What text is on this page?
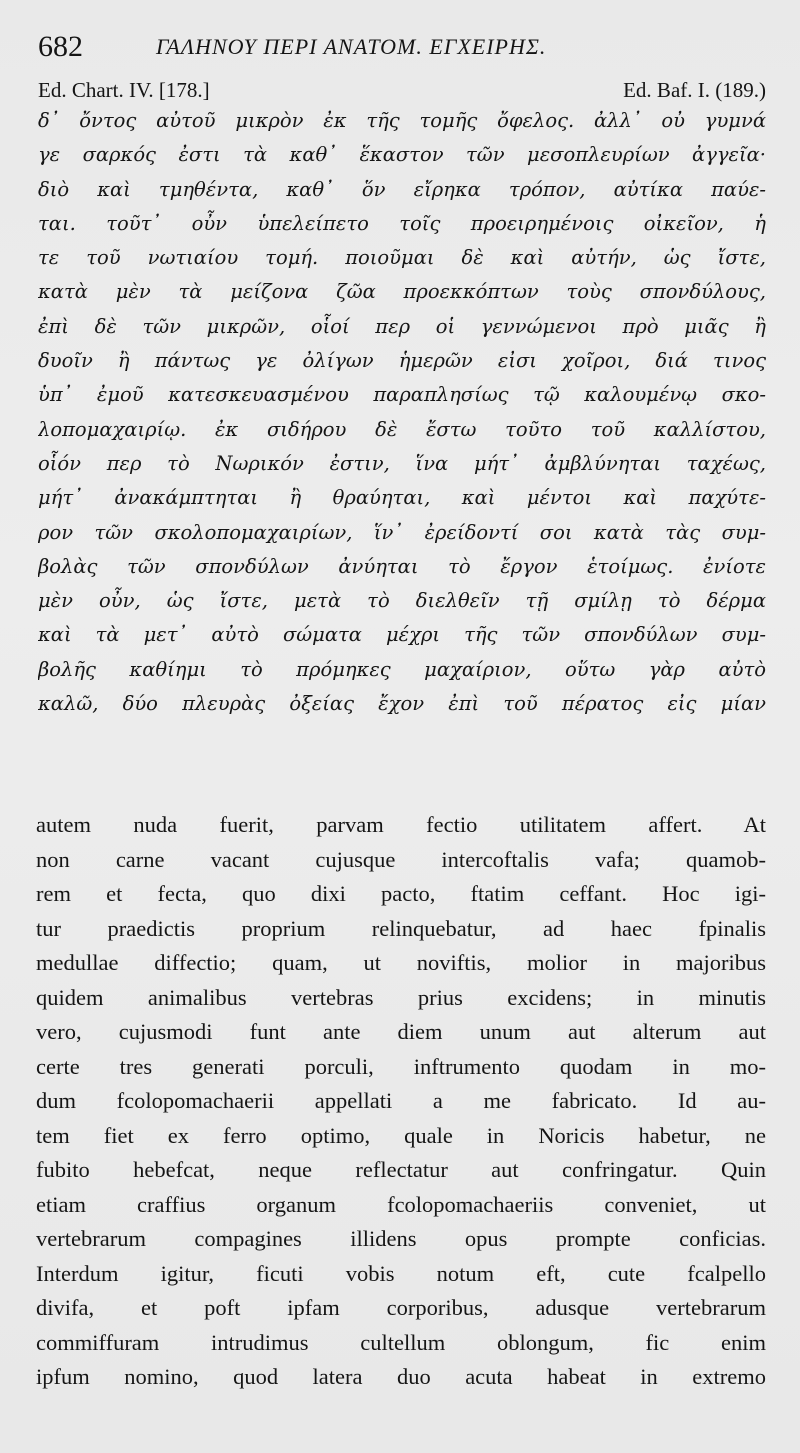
682	ΓΑΛΗΝΟΥ ΠΕΡΙ ΑΝΑΤΟΜ. ΕΓΧΕΙΡΗΣ.
Ed. Chart. IV. [178.]	Ed. Baf. I. (189.)
δ᾽ ὄντος αὐτοῦ μικρὸν ἐκ τῆς τομῆς ὄφελος. ἀλλ᾽ οὐ γυμνά
γε σαρκός ἐστι τὰ καθ᾽ ἕκαστον τῶν μεσοπλευρίων ἀγγεῖα·
διὸ καὶ τμηθέντα, καθ᾽ ὅν εἴρηκα τρόπον, αὐτίκα παύε-
ται. τοῦτ᾽ οὖν ὑπελείπετο τοῖς προειρημένοις οἰκεῖον, ἡ
τε τοῦ νωτιαίου τομή. ποιοῦμαι δὲ καὶ αὐτήν, ὡς ἴστε,
κατὰ μὲν τὰ μείζονα ζῶα προεκκόπτων τοὺς σπονδύλους,
ἐπὶ δὲ τῶν μικρῶν, οἷοί περ οἱ γεννώμενοι πρὸ μιᾶς ἢ
δυοῖν ἢ πάντως γε ὀλίγων ἡμερῶν εἰσι χοῖροι, διά τινος
ὑπ᾽ ἐμοῦ κατεσκευασμένου παραπλησίως τῷ καλουμένῳ σκο-
λοπομαχαιρίῳ. ἐκ σιδήρου δὲ ἔστω τοῦτο τοῦ καλλίστου,
οἷόν περ τὸ Νωρικόν ἐστιν, ἵνα μήτ᾽ ἀμβλύνηται ταχέως,
μήτ᾽ ἀνακάμπτηται ἢ θραύηται, καὶ μέντοι καὶ παχύτε-
ρον τῶν σκολοπομαχαιρίων, ἵν᾽ ἐρείδοντί σοι κατὰ τὰς συμ-
βολὰς τῶν σπονδύλων ἀνύηται τὸ ἔργον ἑτοίμως. ἐνίοτε
μὲν οὖν, ὡς ἴστε, μετὰ τὸ διελθεῖν τῇ σμίλῃ τὸ δέρμα
καὶ τὰ μετ᾽ αὐτὸ σώματα μέχρι τῆς τῶν σπονδύλων συμ-
βολῆς καθίημι τὸ πρόμηκες μαχαίριον, οὕτω γὰρ αὐτὸ
καλῶ, δύο πλευρὰς ὀξείας ἔχον ἐπὶ τοῦ πέρατος εἰς μίαν
autem nuda fuerit, parvam fectio utilitatem affert. At
non carne vacant cujusque intercoftalis vafa; quamob-
rem et fecta, quo dixi pacto, ftatim ceffant. Hoc igi-
tur praedictis proprium relinquebatur, ad haec fpinalis
medullae diffectio; quam, ut noviftis, molior in majoribus
quidem animalibus vertebras prius excidens; in minutis
vero, cujusmodi funt ante diem unum aut alterum aut
certe tres generati porculi, inftrumento quodam in mo-
dum fcolopomachaerii appellati a me fabricato. Id au-
tem fiet ex ferro optimo, quale in Noricis habetur, ne
fubito hebefcat, neque reflectatur aut confringatur. Quin
etiam craffius organum fcolopomachaeriis conveniet, ut
vertebrarum compagines illidens opus prompte conficias.
Interdum igitur, ficuti vobis notum eft, cute fcalpello
divifa, et poft ipfam corporibus, adusque vertebrarum
commiffuram intrudimus cultellum oblongum, fic enim
ipfum nomino, quod latera duo acuta habeat in extremo
